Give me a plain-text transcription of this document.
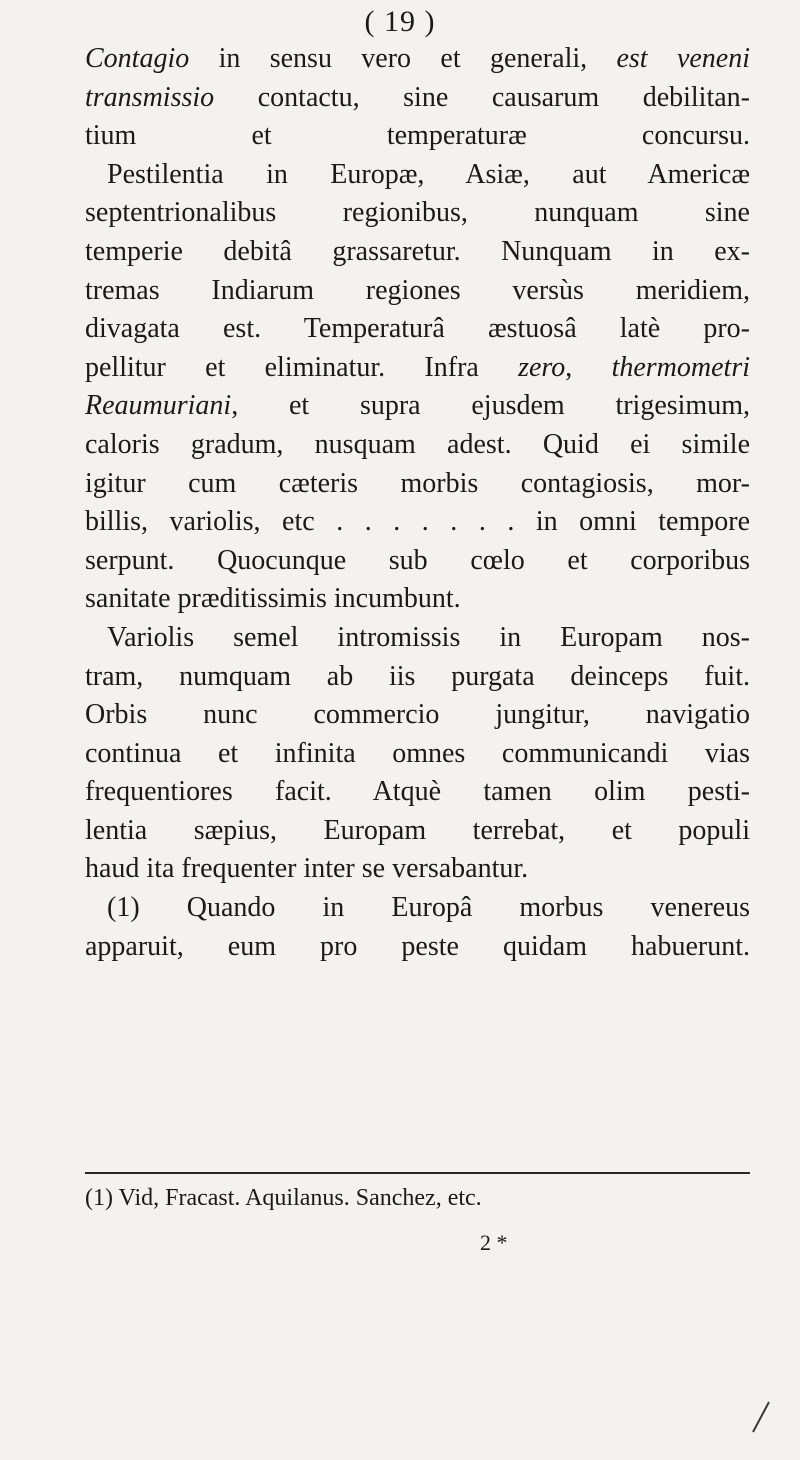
( 19 )
Contagio in sensu vero et generali, est veneni
transmissio contactu, sine causarum debilitan-
tium et temperaturæ concursu.
Pestilentia in Europæ, Asiæ, aut Americæ
septentrionalibus regionibus, nunquam sine
temperie debitâ grassaretur. Nunquam in ex-
tremas Indiarum regiones versùs meridiem,
divagata est. Temperaturâ æstuosâ latè pro-
pellitur et eliminatur. Infra zero, thermometri
Reaumuriani, et supra ejusdem trigesimum,
caloris gradum, nusquam adest. Quid ei simile
igitur cum cæteris morbis contagiosis, mor-
billis, variolis, etc . . . . . . . in omni tempore
serpunt. Quocunque sub cœlo et corporibus
sanitate præditissimis incumbunt.
Variolis semel intromissis in Europam nos-
tram, numquam ab iis purgata deinceps fuit.
Orbis nunc commercio jungitur, navigatio
continua et infinita omnes communicandi vias
frequentiores facit. Atquè tamen olim pesti-
lentia sæpius, Europam terrebat, et populi
haud ita frequenter inter se versabantur.
(1) Quando in Europâ morbus venereus
apparuit, eum pro peste quidam habuerunt.
(1) Vid, Fracast. Aquilanus. Sanchez, etc.
2 *
